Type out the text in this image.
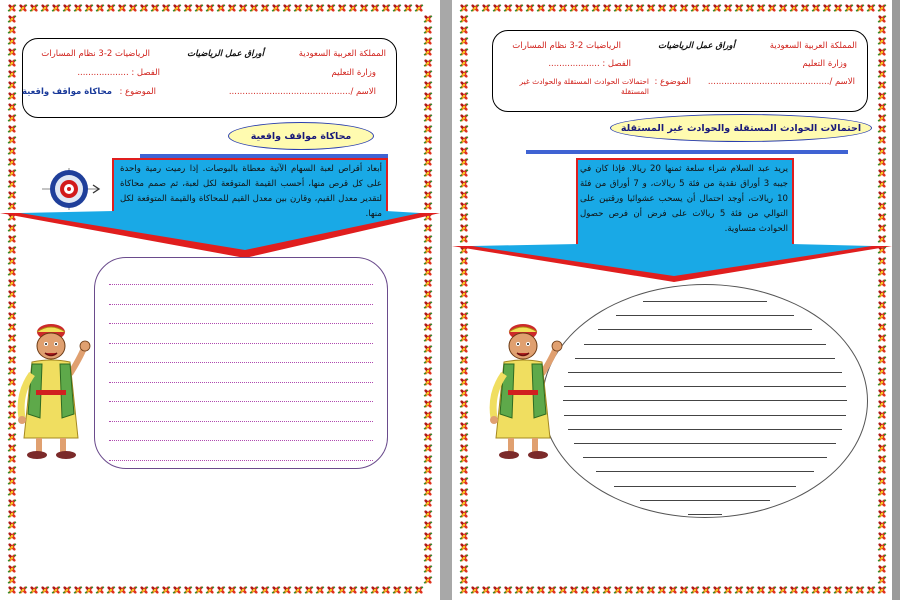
المملكة العربية السعودية
أوراق عمل الرياضيات
الرياضيات 2-3 نظام المسارات
وزارة التعليم
الفصل : ...................
الاسم /.............................................
الموضوع :
محاكاة مواقف واقعية
محاكاة مواقف واقعية
أبعاد أقراص لعبة السهام الآتية معطاة بالبوصات. إذا رميت رمية واحدة على كل قرص منها، أحسب القيمة المتوقعة لكل لعبة، ثم صمم محاكاة لتقدير معدل القيم، وقارن بين معدل القيم للمحاكاة والقيمة المتوقعة لكل منها.
المملكة العربية السعودية
أوراق عمل الرياضيات
الرياضيات 2-3 نظام المسارات
وزارة التعليم
الفصل : ...................
الاسم /.............................................
الموضوع :
احتمالات الحوادث المستقلة والحوادث غير المستقلة
احتمالات الحوادث المستقلة والحوادث غير المستقلة
يريد عبد السلام شراء سلعة ثمنها 20 ريالا. فإذا كان في جيبه 3 أوراق نقدية من فئة 5 ريالات، و 7 أوراق من فئة 10 ريالات، أوجد احتمال أن يسحب عشوائيا ورقتين على التوالي من فئة 5 ريالات على فرض أن فرص حصول الحوادث متساوية.
